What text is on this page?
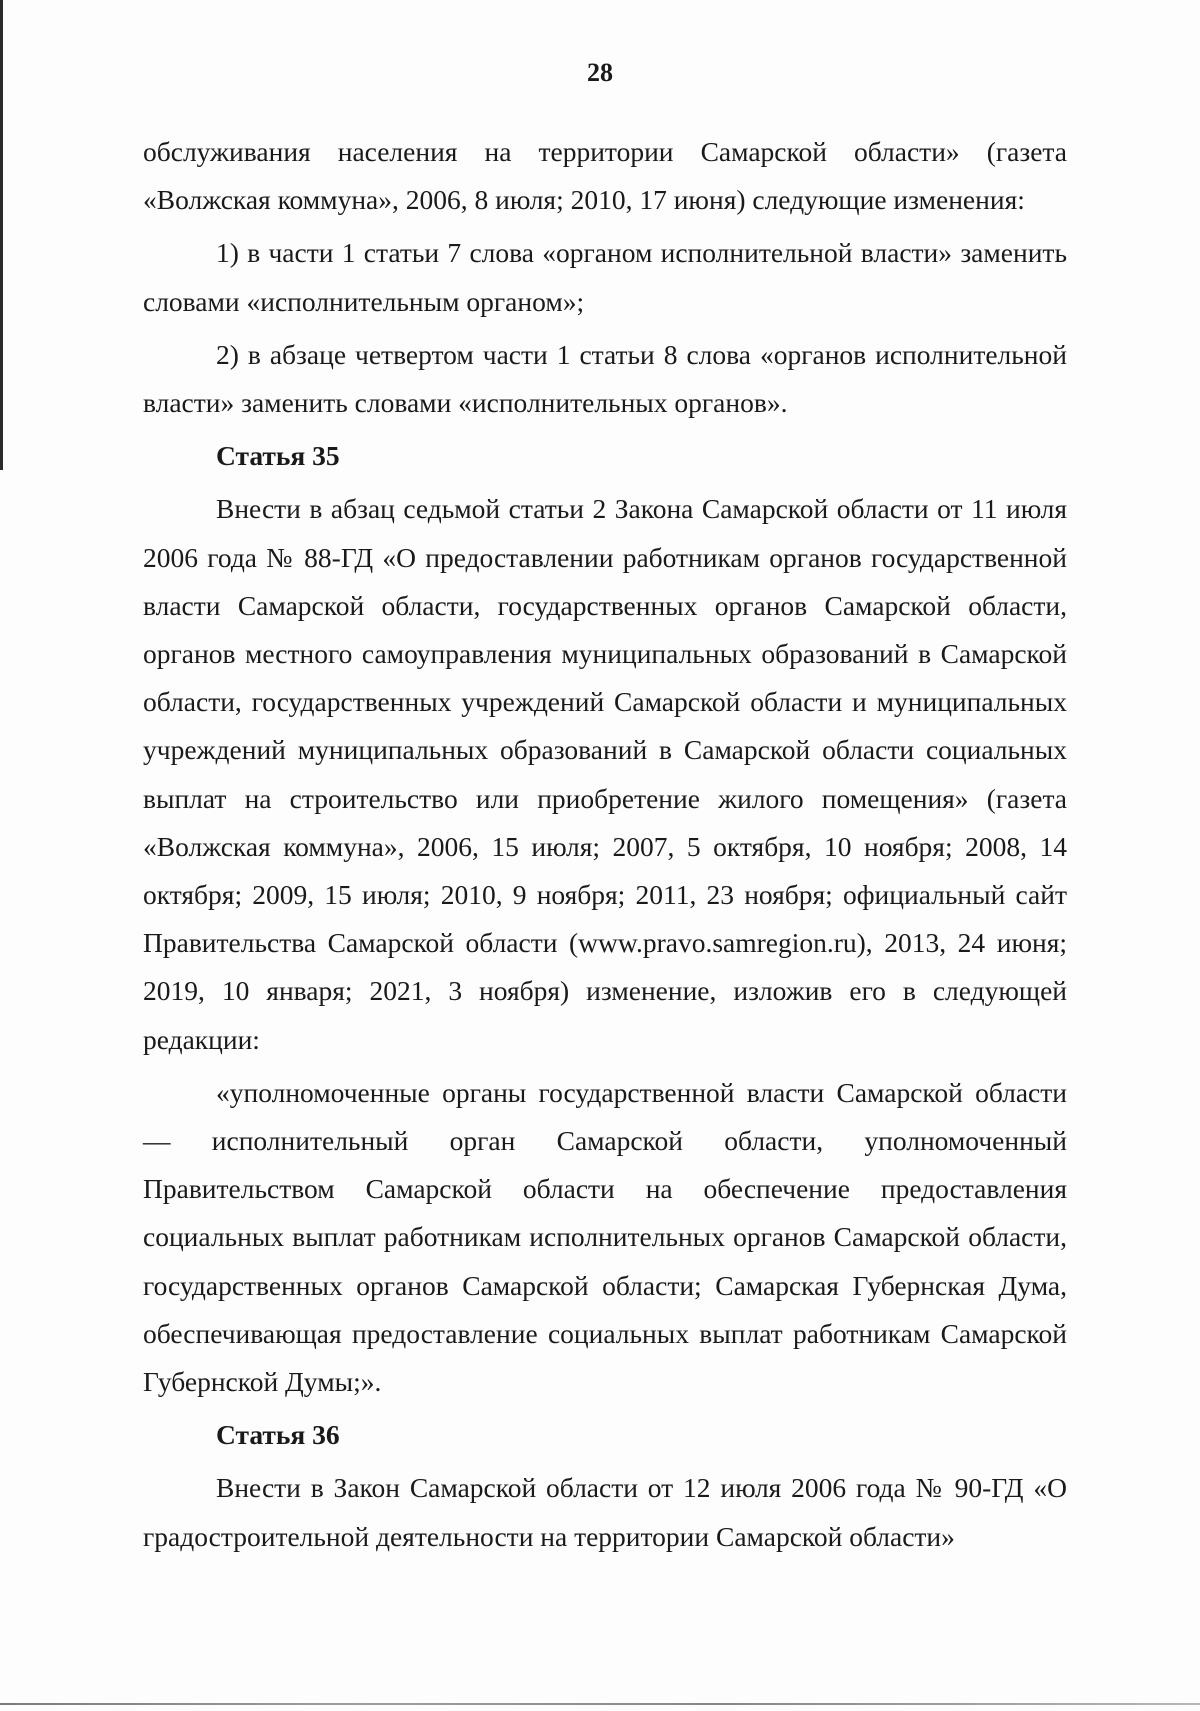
28

обслуживания населения на территории Самарской области» (газета «Волжская коммуна», 2006, 8 июля; 2010, 17 июня) следующие изменения:

1) в части 1 статьи 7 слова «органом исполнительной власти» заменить словами «исполнительным органом»;

2) в абзаце четвертом части 1 статьи 8 слова «органов исполнительной власти» заменить словами «исполнительных органов».

Статья 35

Внести в абзац седьмой статьи 2 Закона Самарской области от 11 июля 2006 года № 88-ГД «О предоставлении работникам органов государственной власти Самарской области, государственных органов Самарской области, органов местного самоуправления муниципальных образований в Самарской области, государственных учреждений Самарской области и муниципальных учреждений муниципальных образований в Самарской области социальных выплат на строительство или приобретение жилого помещения» (газета «Волжская коммуна», 2006, 15 июля; 2007, 5 октября, 10 ноября; 2008, 14 октября; 2009, 15 июля; 2010, 9 ноября; 2011, 23 ноября; официальный сайт Правительства Самарской области (www.pravo.samregion.ru), 2013, 24 июня; 2019, 10 января; 2021, 3 ноября) изменение, изложив его в следующей редакции:

«уполномоченные органы государственной власти Самарской области — исполнительный орган Самарской области, уполномоченный Правительством Самарской области на обеспечение предоставления социальных выплат работникам исполнительных органов Самарской области, государственных органов Самарской области; Самарская Губернская Дума, обеспечивающая предоставление социальных выплат работникам Самарской Губернской Думы;».

Статья 36

Внести в Закон Самарской области от 12 июля 2006 года № 90-ГД «О градостроительной деятельности на территории Самарской области»
